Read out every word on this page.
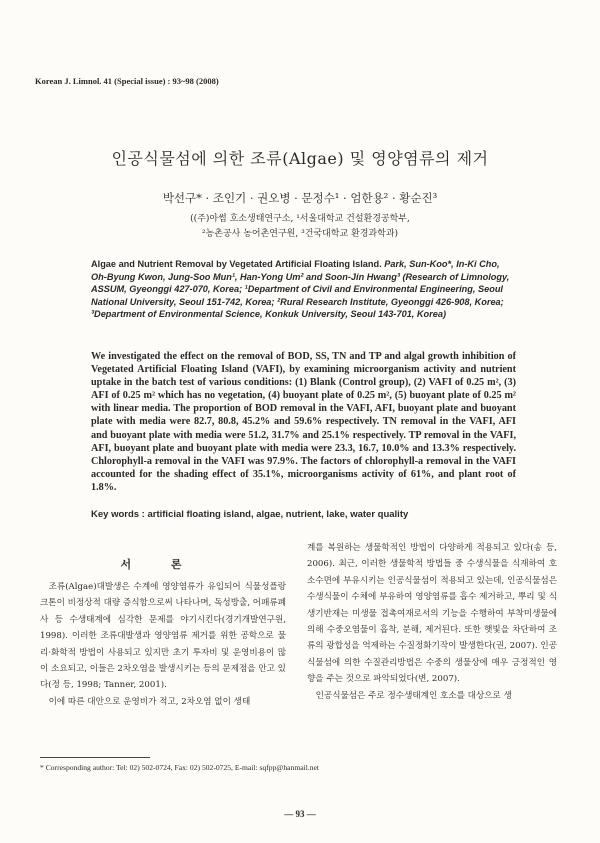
Korean J. Limnol. 41 (Special issue) : 93~98 (2008)
인공식물섬에 의한 조류(Algae) 및 영양염류의 제거
박선구* · 조인기 · 권오병 · 문정수¹ · 엄한용² · 황순진³
((주)아썸 호소생태연구소, ¹서울대학교 건설환경공학부,
²농촌공사 농어촌연구원, ³건국대학교 환경과학과)
Algae and Nutrient Removal by Vegetated Artificial Floating Island. Park, Sun-Koo*, In-Ki Cho, Oh-Byung Kwon, Jung-Soo Mun¹, Han-Yong Um² and Soon-Jin Hwang³ (Research of Limnology, ASSUM, Gyeonggi 427-070, Korea; ¹Department of Civil and Environmental Engineering, Seoul National University, Seoul 151-742, Korea; ²Rural Research Institute, Gyeonggi 426-908, Korea; ³Department of Environmental Science, Konkuk University, Seoul 143-701, Korea)
We investigated the effect on the removal of BOD, SS, TN and TP and algal growth inhibition of Vegetated Artificial Floating Island (VAFI), by examining microorganism activity and nutrient uptake in the batch test of various conditions: (1) Blank (Control group), (2) VAFI of 0.25 m², (3) AFI of 0.25 m² which has no vegetation, (4) buoyant plate of 0.25 m², (5) buoyant plate of 0.25 m² with linear media. The proportion of BOD removal in the VAFI, AFI, buoyant plate and buoyant plate with media were 82.7, 80.8, 45.2% and 59.6% respectively. TN removal in the VAFI, AFI and buoyant plate with media were 51.2, 31.7% and 25.1% respectively. TP removal in the VAFI, AFI, buoyant plate and buoyant plate with media were 23.3, 16.7, 10.0% and 13.3% respectively. Chlorophyll-a removal in the VAFI was 97.9%. The factors of chlorophyll-a removal in the VAFI accounted for the shading effect of 35.1%, microorganisms activity of 61%, and plant root of 1.8%.
Key words : artificial floating island, algae, nutrient, lake, water quality
서 론

조류(Algae)대발생은 수계에 영양염류가 유입되어 식물성플랑크톤이 비정상적 대량 증식함으로써 나타나며, 독성방출, 어패류폐사 등 수생태계에 심각한 문제를 야기시킨다(경기개발연구원, 1998). 이러한 조류대발생과 영양염류 제거를 위한 공학으로 물리·화학적 방법이 사용되고 있지만 초기 투자비 및 운영비용이 많이 소요되고, 이들은 2차오염을 발생시키는 등의 문제점을 안고 있다(정 등, 1998; Tanner, 2001).

이에 따른 대안으로 운영비가 적고, 2차오염 없이 생태

계를 복원하는 생물학적인 방법이 다양하게 적용되고 있다(송 등, 2006). 최근, 이러한 생물학적 방법들 중 수생식물을 식재하여 호소수면에 부유시키는 인공식물섬이 적용되고 있는데, 인공식물섬은 수생식물이 수체에 부유하여 영양염류를 흡수 제거하고, 뿌리 및 식생기반재는 미생물 접촉여재로서의 기능을 수행하여 부착미생물에 의해 수중오염물이 흡착, 분해, 제거된다. 또한 햇빛을 차단하여 조류의 광합성을 억제하는 수질정화기작이 발생한다(권, 2007). 인공식물섬에 의한 수질관리방법은 수중의 생물상에 매우 긍정적인 영향을 주는 것으로 파악되었다(변, 2007).

인공식물섬은 주로 정수생태계인 호소를 대상으로 생

* Corresponding author: Tel: 02) 502-0724, Fax: 02) 502-0725, E-mail: sqfpp@hanmail.net
— 93 —
